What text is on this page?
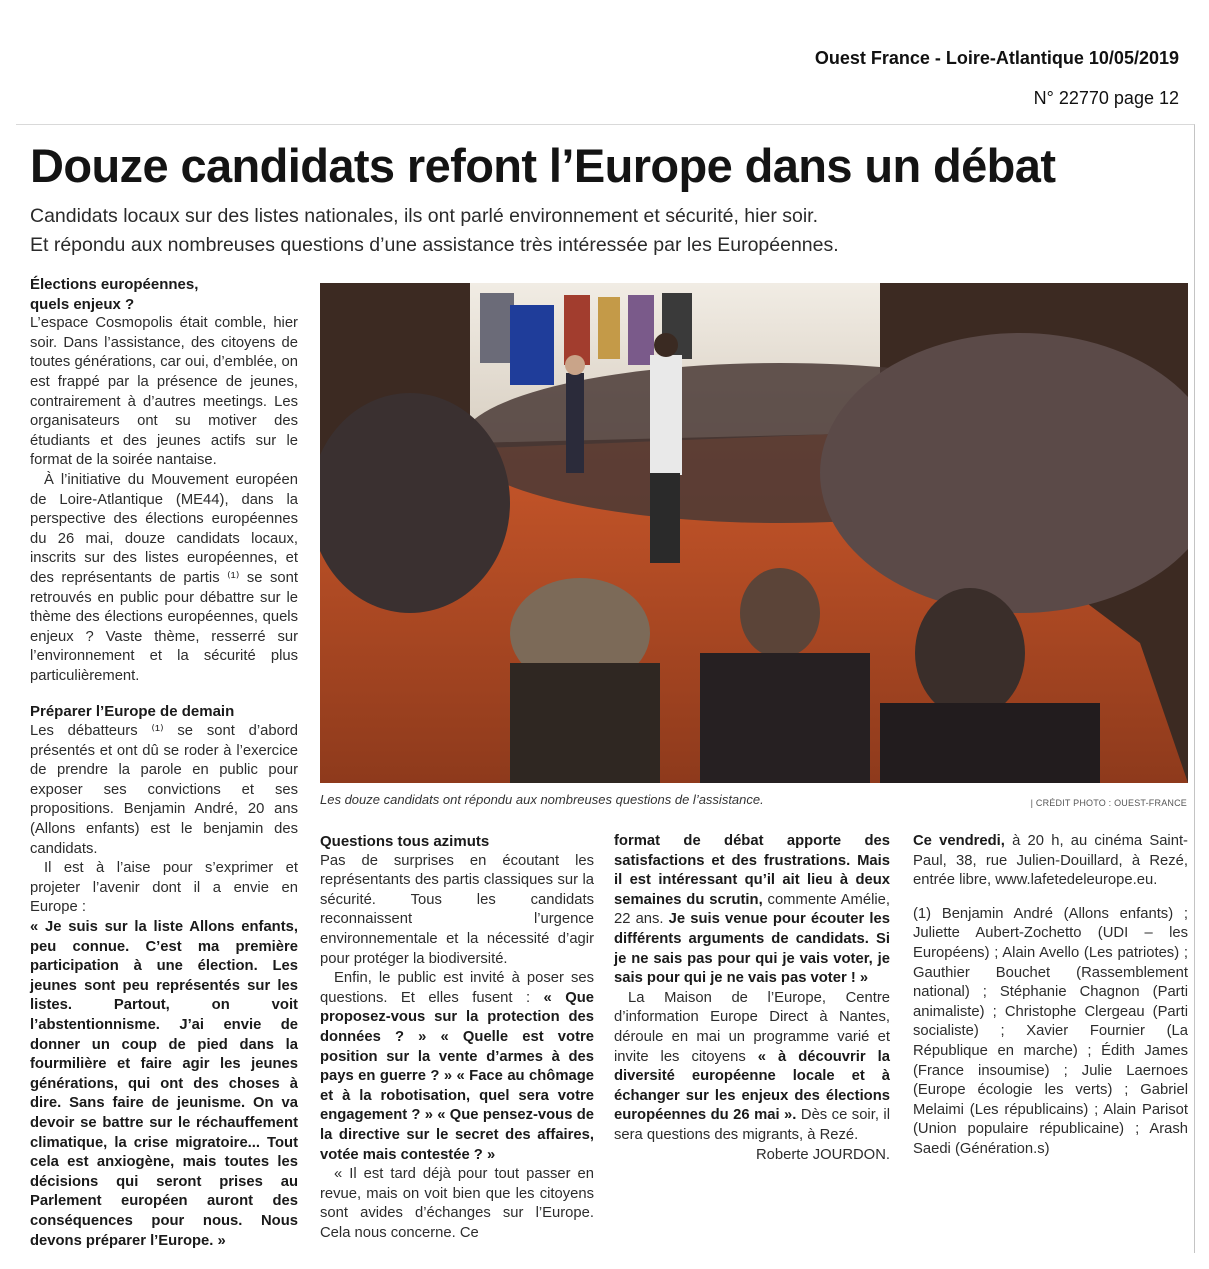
Ouest France - Loire-Atlantique 10/05/2019
N° 22770 page 12
Douze candidats refont l’Europe dans un débat
Candidats locaux sur des listes nationales, ils ont parlé environnement et sécurité, hier soir.
Et répondu aux nombreuses questions d’une assistance très intéressée par les Européennes.
Élections européennes, quels enjeux ?

L’espace Cosmopolis était comble, hier soir. Dans l’assistance, des citoyens de toutes générations, car oui, d’emblée, on est frappé par la présence de jeunes, contrairement à d’autres meetings. Les organisateurs ont su motiver des étudiants et des jeunes actifs sur le format de la soirée nantaise.

À l’initiative du Mouvement européen de Loire-Atlantique (ME44), dans la perspective des élections européennes du 26 mai, douze candidats locaux, inscrits sur des listes européennes, et des représentants de partis ⁽¹⁾ se sont retrouvés en public pour débattre sur le thème des élections européennes, quels enjeux ? Vaste thème, resserré sur l’environnement et la sécurité plus particulièrement.

Préparer l’Europe de demain

Les débatteurs ⁽¹⁾ se sont d’abord présentés et ont dû se roder à l’exercice de prendre la parole en public pour exposer ses convictions et ses propositions. Benjamin André, 20 ans (Allons enfants) est le benjamin des candidats.

Il est à l’aise pour s’exprimer et projeter l’avenir dont il a envie en Europe :

« Je suis sur la liste Allons enfants, peu connue. C’est ma première participation à une élection. Les jeunes sont peu représentés sur les listes. Partout, on voit l’abstentionnisme. J’ai envie de donner un coup de pied dans la fourmilière et faire agir les jeunes générations, qui ont des choses à dire. Sans faire de jeunisme. On va devoir se battre sur le réchauffement climatique, la crise migratoire... Tout cela est anxiogène, mais toutes les décisions qui seront prises au Parlement européen auront des conséquences pour nous. Nous devons préparer l’Europe. »

Les douze candidats ont répondu aux nombreuses questions de l’assistance.	| CRÉDIT PHOTO : OUEST-FRANCE
Questions tous azimuts

Pas de surprises en écoutant les représentants des partis classiques sur la sécurité. Tous les candidats reconnaissent l’urgence environnementale et la nécessité d’agir pour protéger la biodiversité.

Enfin, le public est invité à poser ses questions. Et elles fusent : « Que proposez-vous sur la protection des données ? » « Quelle est votre position sur la vente d’armes à des pays en guerre ? » « Face au chômage et à la robotisation, quel sera votre engagement ? » « Que pensez-vous de la directive sur le secret des affaires, votée mais contestée ? »

« Il est tard déjà pour tout passer en revue, mais on voit bien que les citoyens sont avides d’échanges sur l’Europe. Cela nous concerne. Ce

format de débat apporte des satisfactions et des frustrations. Mais il est intéressant qu’il ait lieu à deux semaines du scrutin, commente Amélie, 22 ans. Je suis venue pour écouter les différents arguments de candidats. Si je ne sais pas pour qui je vais voter, je sais pour qui je ne vais pas voter ! »

La Maison de l’Europe, Centre d’information Europe Direct à Nantes, déroule en mai un programme varié et invite les citoyens « à découvrir la diversité européenne locale et à échanger sur les enjeux des élections européennes du 26 mai ». Dès ce soir, il sera questions des migrants, à Rezé.

Roberte JOURDON.

Ce vendredi, à 20 h, au cinéma Saint-Paul, 38, rue Julien-Douillard, à Rezé, entrée libre, www.lafetedeleurope.eu.

(1) Benjamin André (Allons enfants) ; Juliette Aubert-Zochetto (UDI – les Européens) ; Alain Avello (Les patriotes) ; Gauthier Bouchet (Rassemblement national) ; Stéphanie Chagnon (Parti animaliste) ; Christophe Clergeau (Parti socialiste) ; Xavier Fournier (La République en marche) ; Édith James (France insoumise) ; Julie Laernoes (Europe écologie les verts) ; Gabriel Melaimi (Les républicains) ; Alain Parisot (Union populaire républicaine) ; Arash Saedi (Génération.s)
